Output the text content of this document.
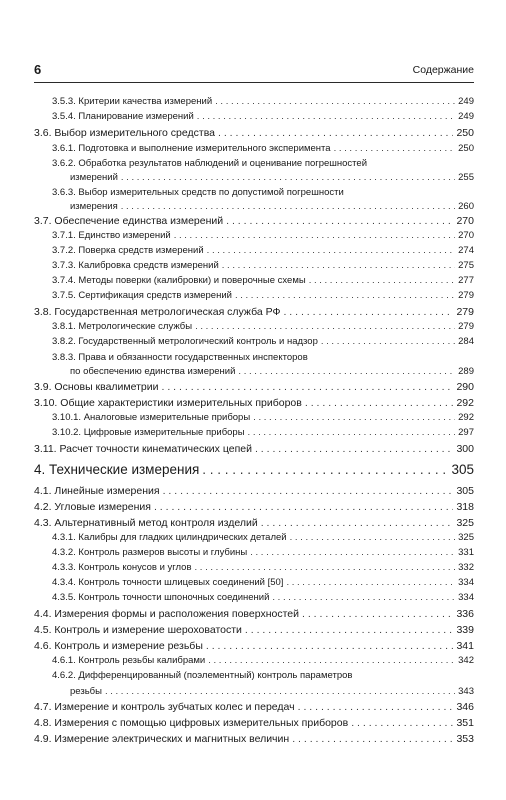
6	Содержание
3.5.3. Критерии качества измерений . . .	249
3.5.4. Планирование измерений . . .	249
3.6. Выбор измерительного средства . . .	250
3.6.1. Подготовка и выполнение измерительного эксперимента . . .	250
3.6.2. Обработка результатов наблюдений и оценивание погрешностей
измерений . . .	255
3.6.3. Выбор измерительных средств по допустимой погрешности
измерения . . .	260
3.7. Обеспечение единства измерений . . .	270
3.7.1. Единство измерений . . .	270
3.7.2. Поверка средств измерений . . .	274
3.7.3. Калибровка средств измерений . . .	275
3.7.4. Методы поверки (калибровки) и поверочные схемы . . .	277
3.7.5. Сертификация средств измерений . . .	279
3.8. Государственная метрологическая служба РФ . . .	279
3.8.1. Метрологические службы . . .	279
3.8.2. Государственный метрологический контроль и надзор . . .	284
3.8.3. Права и обязанности государственных инспекторов
по обеспечению единства измерений . . .	289
3.9. Основы квалиметрии . . .	290
3.10. Общие характеристики измерительных приборов . . .	292
3.10.1. Аналоговые измерительные приборы . . .	292
3.10.2. Цифровые измерительные приборы . . .	297
3.11. Расчет точности кинематических цепей . . .	300
4. Технические измерения . . .	305
4.1. Линейные измерения . . .	305
4.2. Угловые измерения . . .	318
4.3. Альтернативный метод контроля изделий . . .	325
4.3.1. Калибры для гладких цилиндрических деталей . . .	325
4.3.2. Контроль размеров высоты и глубины . . .	331
4.3.3. Контроль конусов и углов . . .	332
4.3.4. Контроль точности шлицевых соединений [50] . . .	334
4.3.5. Контроль точности шпоночных соединений . . .	334
4.4. Измерения формы и расположения поверхностей . . .	336
4.5. Контроль и измерение шероховатости . . .	339
4.6. Контроль и измерение резьбы . . .	341
4.6.1. Контроль резьбы калибрами . . .	342
4.6.2. Дифференцированный (поэлементный) контроль параметров
резьбы . . .	343
4.7. Измерение и контроль зубчатых колес и передач . . .	346
4.8. Измерения с помощью цифровых измерительных приборов . . .	351
4.9. Измерение электрических и магнитных величин . . .	353
